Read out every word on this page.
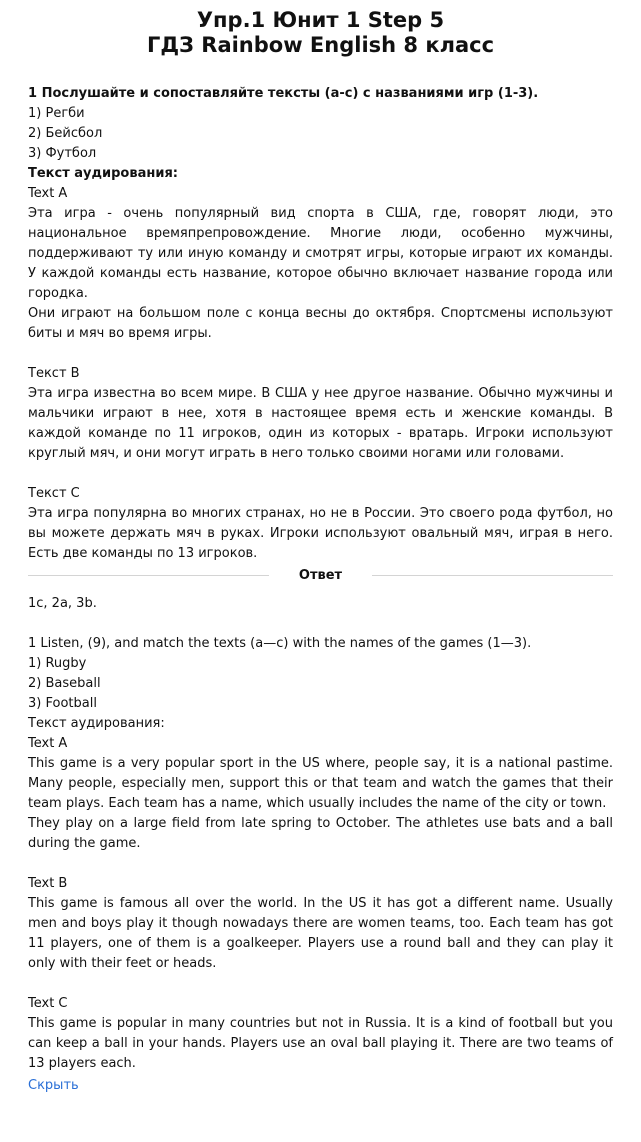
Упр.1 Юнит 1 Step 5
ГДЗ Rainbow English 8 класс

1 Послушайте и сопоставляйте тексты (а-с) с названиями игр (1-3).

1) Регби

2) Бейсбол

3) Футбол

Текст аудирования:

Text A

Эта игра - очень популярный вид спорта в США, где, говорят люди, это национальное времяпрепровождение. Многие люди, особенно мужчины, поддерживают ту или иную команду и смотрят игры, которые играют их команды. У каждой команды есть название, которое обычно включает название города или городка.

Они играют на большом поле с конца весны до октября. Спортсмены используют биты и мяч во время игры.

Текст B

Эта игра известна во всем мире. В США у нее другое название. Обычно мужчины и мальчики играют в нее, хотя в настоящее время есть и женские команды. В каждой команде по 11 игроков, один из которых - вратарь. Игроки используют круглый мяч, и они могут играть в него только своими ногами или головами.

Текст C

Эта игра популярна во многих странах, но не в России. Это своего рода футбол, но вы можете держать мяч в руках. Игроки используют овальный мяч, играя в него. Есть две команды по 13 игроков.

Ответ

1c, 2a, 3b.

1 Listen, (9), and match the texts (a—c) with the names of the games (1—3).

1) Rugby

2) Baseball

3) Football

Текст аудирования:

Text A

This game is a very popular sport in the US where, people say, it is a national pastime. Many people, especially men, support this or that team and watch the games that their team plays. Each team has a name, which usually includes the name of the city or town.

They play on a large field from late spring to October. The athletes use bats and a ball during the game.

Text B

This game is famous all over the world. In the US it has got a different name. Usually men and boys play it though nowadays there are women teams, too. Each team has got 11 players, one of them is a goalkeeper. Players use a round ball and they can play it only with their feet or heads.

Text C

This game is popular in many countries but not in Russia. It is a kind of football but you can keep a ball in your hands. Players use an oval ball playing it. There are two teams of 13 players each.

Скрыть
